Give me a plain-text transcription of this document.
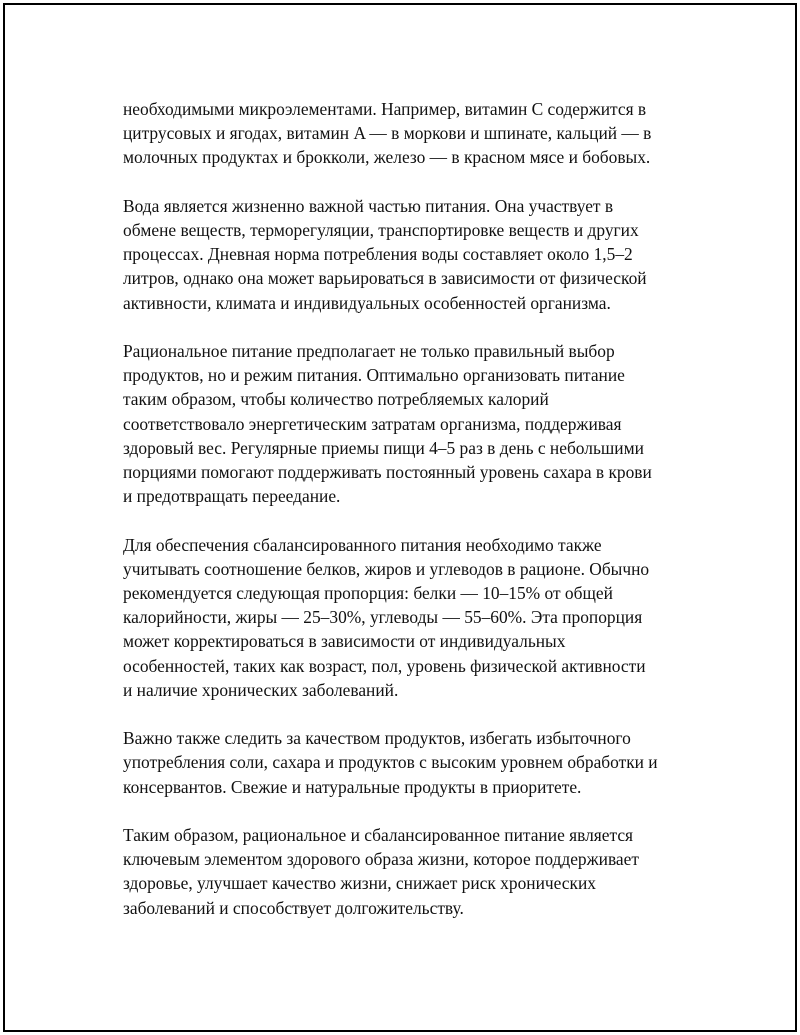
необходимыми микроэлементами. Например, витамин C содержится в
цитрусовых и ягодах, витамин A — в моркови и шпинате, кальций — в
молочных продуктах и брокколи, железо — в красном мясе и бобовых.

Вода является жизненно важной частью питания. Она участвует в
обмене веществ, терморегуляции, транспортировке веществ и других
процессах. Дневная норма потребления воды составляет около 1,5–2
литров, однако она может варьироваться в зависимости от физической
активности, климата и индивидуальных особенностей организма.

Рациональное питание предполагает не только правильный выбор
продуктов, но и режим питания. Оптимально организовать питание
таким образом, чтобы количество потребляемых калорий
соответствовало энергетическим затратам организма, поддерживая
здоровый вес. Регулярные приемы пищи 4–5 раз в день с небольшими
порциями помогают поддерживать постоянный уровень сахара в крови
и предотвращать переедание.

Для обеспечения сбалансированного питания необходимо также
учитывать соотношение белков, жиров и углеводов в рационе. Обычно
рекомендуется следующая пропорция: белки — 10–15% от общей
калорийности, жиры — 25–30%, углеводы — 55–60%. Эта пропорция
может корректироваться в зависимости от индивидуальных
особенностей, таких как возраст, пол, уровень физической активности
и наличие хронических заболеваний.

Важно также следить за качеством продуктов, избегать избыточного
употребления соли, сахара и продуктов с высоким уровнем обработки и
консервантов. Свежие и натуральные продукты в приоритете.

Таким образом, рациональное и сбалансированное питание является
ключевым элементом здорового образа жизни, которое поддерживает
здоровье, улучшает качество жизни, снижает риск хронических
заболеваний и способствует долгожительству.
